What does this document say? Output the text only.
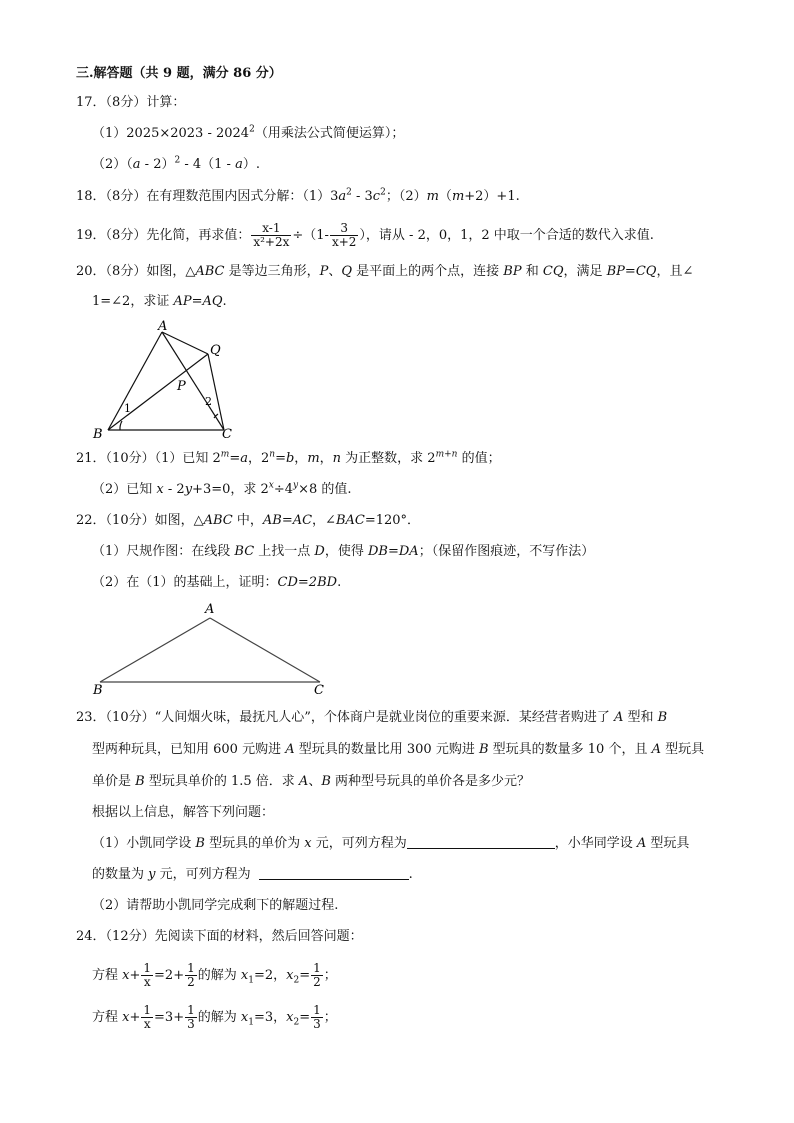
三.解答题（共 9 题，满分 86 分）
17．（8分）计算：
（1）2025×2023 - 2024$^2$（用乘法公式简便运算）；
（2）（a - 2）$^2$ - 4（1 - a）.
18．（8分）在有理数范围内因式分解：$(1)3a^2 - 3c^2$；（2）m（m+2）+1.
19．（8分）先化简，再求值： $\frac{x-1}{\text{x²+2x}} \div(1- \frac{3}{x+2}$ ），请从 - 2，0，1，2 中取一个合适的数代入求值.
20．（8分）如图，△ABC 是等边三角形，P、Q 是平面上的两个点，连接 BP 和 CQ，满足 BP=CQ，且∠
1=∠2，求证 AP=AQ.
A
B	C
P
Q
1
2
21．（10分）（1）已知 $2^m=a$，$2^n=b$，m，n 为正整数，求 $2^{m+n}$ 的值；
（2）已知 x - 2y+3=0，求 $2^x\div 4^y\times 8$ 的值.
22．（10分）如图，△ABC 中，AB=AC，∠BAC=120°．
（1）尺规作图：在线段 BC 上找一点 D，使得 DB=DA；（保留作图痕迹，不写作法）
（2）在（1）的基础上，证明：CD=2BD.
A
B	C
23．（10分）“人间烟火味，最抚凡人心”，个体商户是就业岗位的重要来源．某经营者购进了 A 型和 B
型两种玩具，已知用 600 元购进 A 型玩具的数量比用 300 元购进 B 型玩具的数量多 10 个，且 A 型玩具
单价是 B 型玩具单价的 1.5 倍．求 A、B 两种型号玩具的单价各是多少元？
根据以上信息，解答下列问题：
（1）小凯同学设 B 型玩具的单价为 x 元，可列方程为	，小华同学设 A 型玩具
的数量为 y 元，可列方程为	.
（2）请帮助小凯同学完成剩下的解题过程.
24．（12分）先阅读下面的材料，然后回答问题：
方程 $x+ \frac{1}{x} =2+ \frac{1}{2}$ 的解为 $x_1=2$，$x_2= \frac{1}{2}$ ；
方程 $x+ \frac{1}{x} =3+ \frac{1}{3}$ 的解为 $x_1=3$，$x_2= \frac{1}{3}$ ；
